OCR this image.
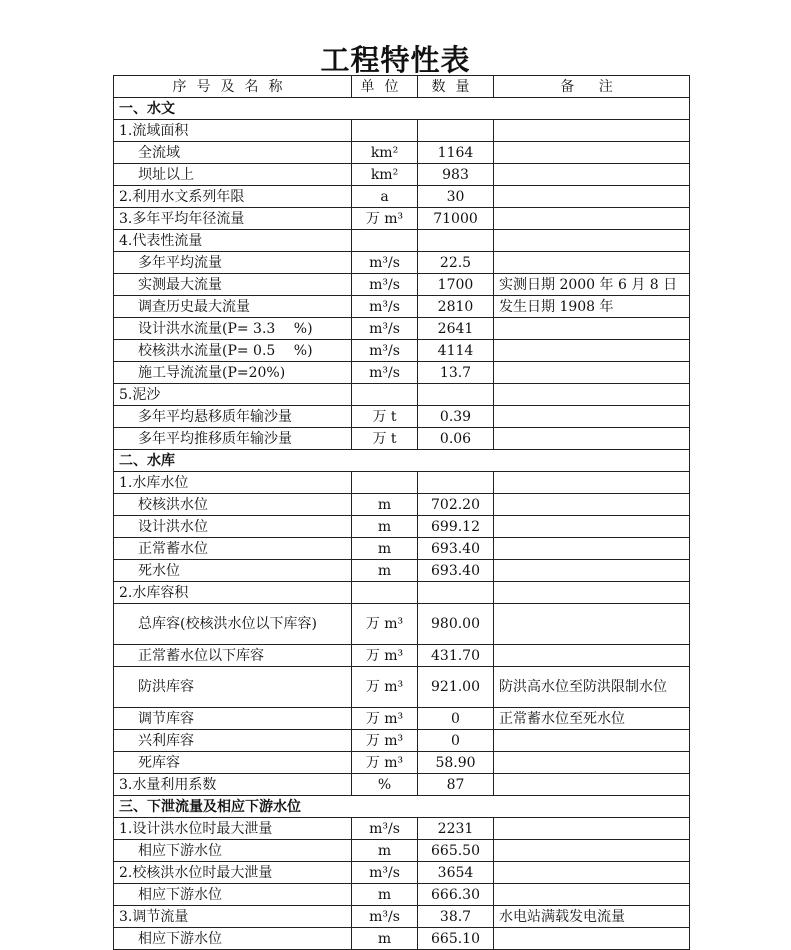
工程特性表
序号及名称	单位	数量	备 注
一、水文			
1.流域面积			
全流域	km²	1164	
坝址以上	km²	983	
2.利用水文系列年限	a	30	
3.多年平均年径流量	万 m³	71000	
4.代表性流量			
多年平均流量	m³/s	22.5	
实测最大流量	m³/s	1700	实测日期 2000 年 6 月 8 日
调查历史最大流量	m³/s	2810	发生日期 1908 年
设计洪水流量(P= 3.3　 %)	m³/s	2641	
校核洪水流量(P= 0.5　 %)	m³/s	4114	
施工导流流量(P=20%)	m³/s	13.7	
5.泥沙			
多年平均悬移质年输沙量	万 t	0.39	
多年平均推移质年输沙量	万 t	0.06	
二、水库			
1.水库水位			
校核洪水位	m	702.20	
设计洪水位	m	699.12	
正常蓄水位	m	693.40	
死水位	m	693.40	
2.水库容积			
总库容(校核洪水位以下库容)	万 m³	980.00	
正常蓄水位以下库容	万 m³	431.70	
防洪库容	万 m³	921.00	防洪高水位至防洪限制水位
调节库容	万 m³	0	正常蓄水位至死水位
兴利库容	万 m³	0	
死库容	万 m³	58.90	
3.水量利用系数	%	87	
三、下泄流量及相应下游水位			
1.设计洪水位时最大泄量	m³/s	2231	
相应下游水位	m	665.50	
2.校核洪水位时最大泄量	m³/s	3654	
相应下游水位	m	666.30	
3.调节流量	m³/s	38.7	水电站满载发电流量
相应下游水位	m	665.10	
